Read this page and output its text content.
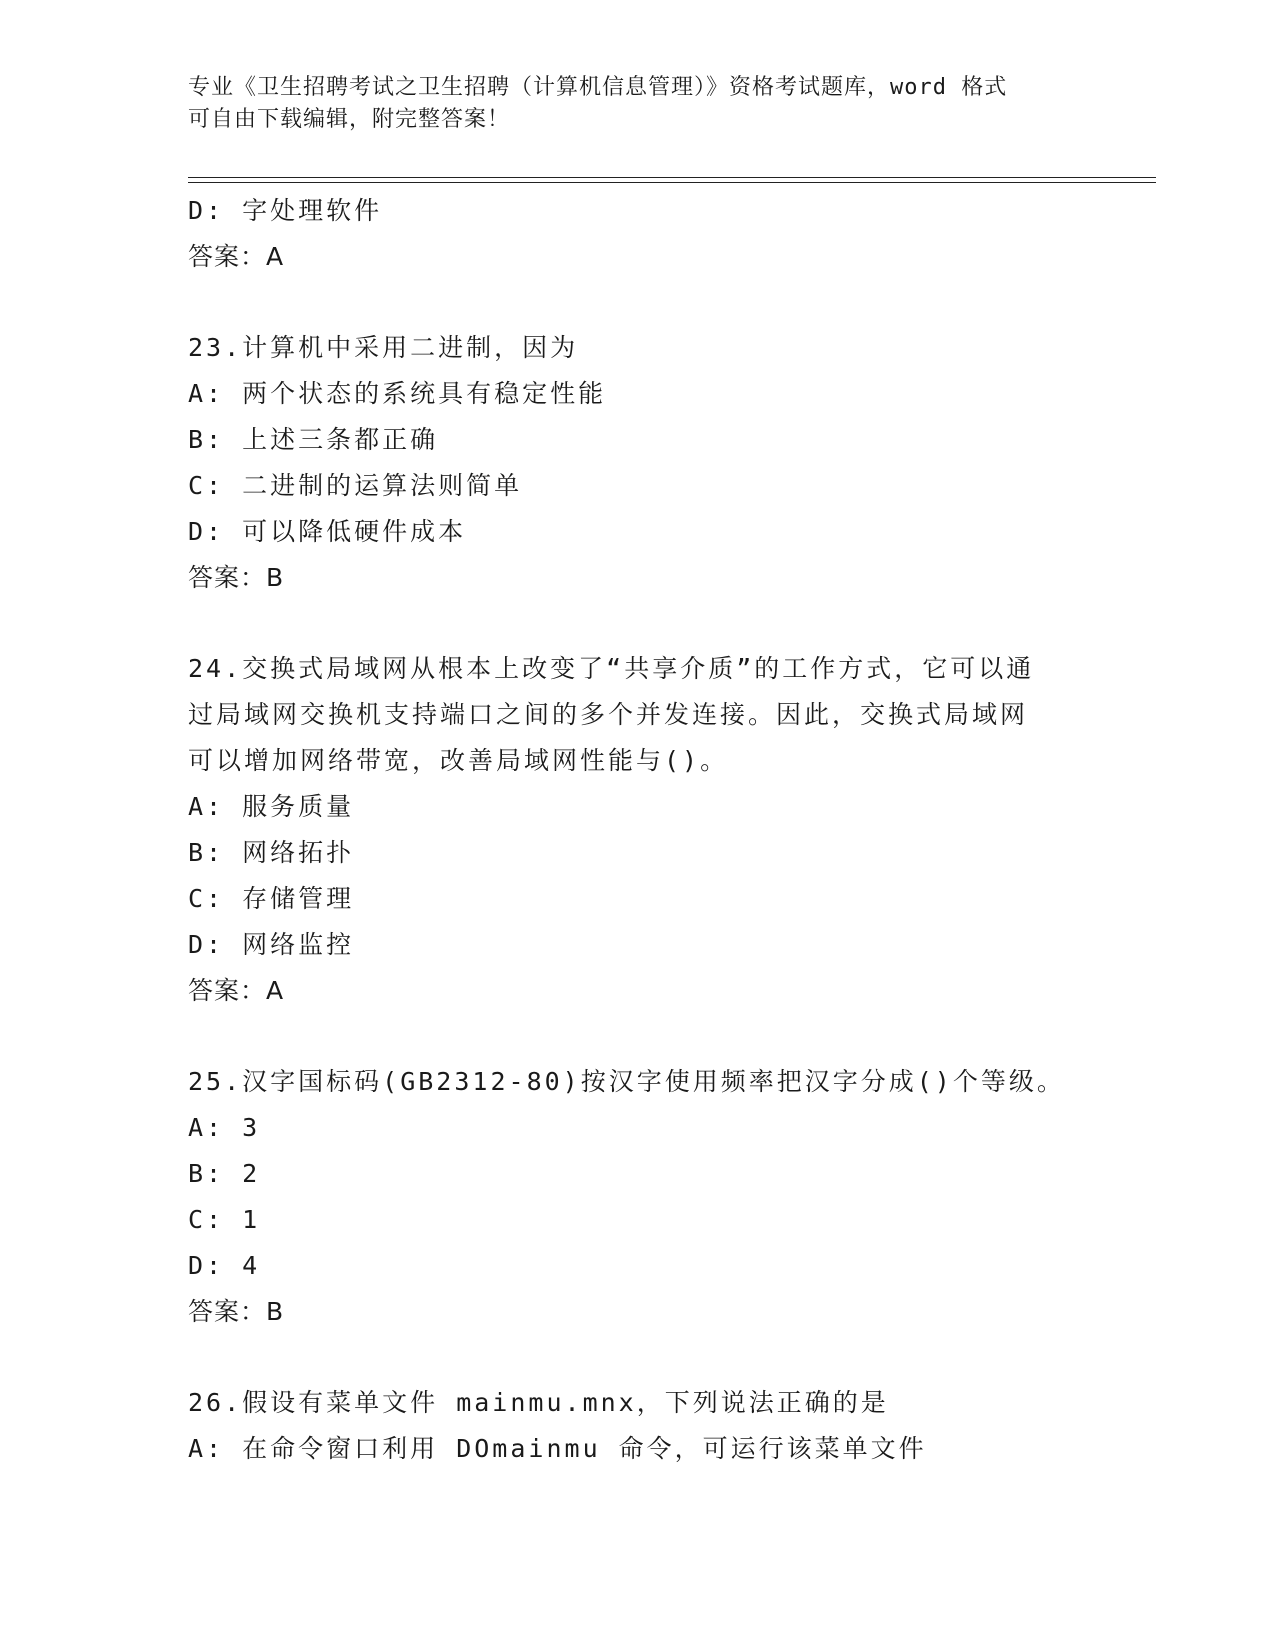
专业《卫生招聘考试之卫生招聘（计算机信息管理）》资格考试题库，word 格式
可自由下载编辑，附完整答案！
D: 字处理软件
答案：A
23.计算机中采用二进制，因为
A: 两个状态的系统具有稳定性能
B: 上述三条都正确
C: 二进制的运算法则简单
D: 可以降低硬件成本
答案：B
24.交换式局域网从根本上改变了“共享介质”的工作方式，它可以通
过局域网交换机支持端口之间的多个并发连接。因此，交换式局域网
可以增加网络带宽，改善局域网性能与()。
A: 服务质量
B: 网络拓扑
C: 存储管理
D: 网络监控
答案：A
25.汉字国标码(GB2312-80)按汉字使用频率把汉字分成()个等级。
A: 3
B: 2
C: 1
D: 4
答案：B
26.假设有菜单文件 mainmu.mnx，下列说法正确的是
A: 在命令窗口利用 DOmainmu 命令，可运行该菜单文件
